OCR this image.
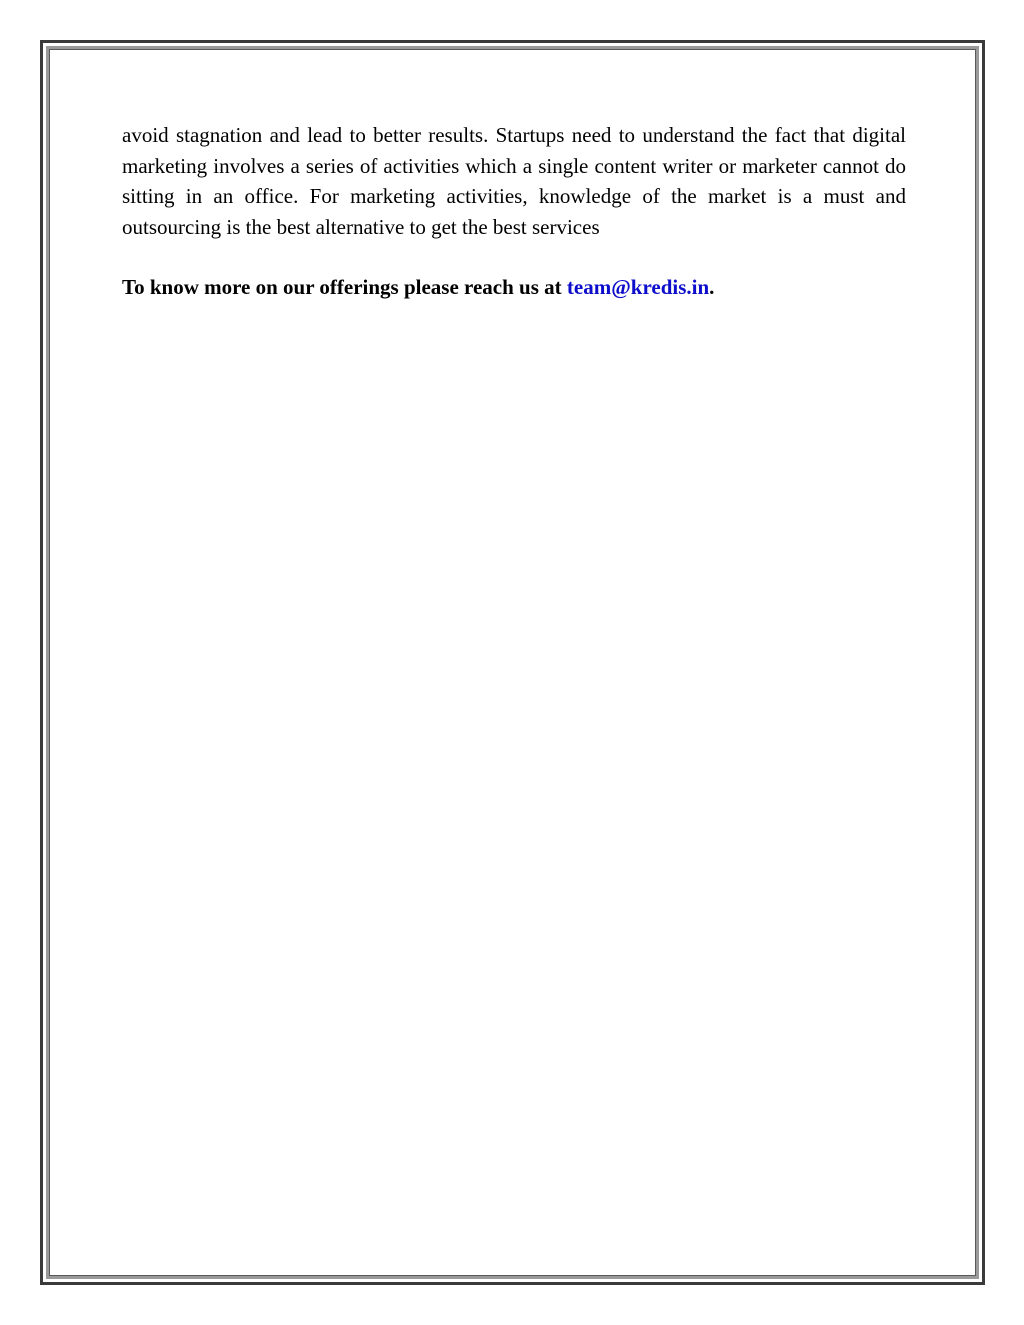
avoid stagnation and lead to better results. Startups need to understand the fact that digital marketing involves a series of activities which a single content writer or marketer cannot do sitting in an office. For marketing activities, knowledge of the market is a must and outsourcing is the best alternative to get the best services

To know more on our offerings please reach us at team@kredis.in.
